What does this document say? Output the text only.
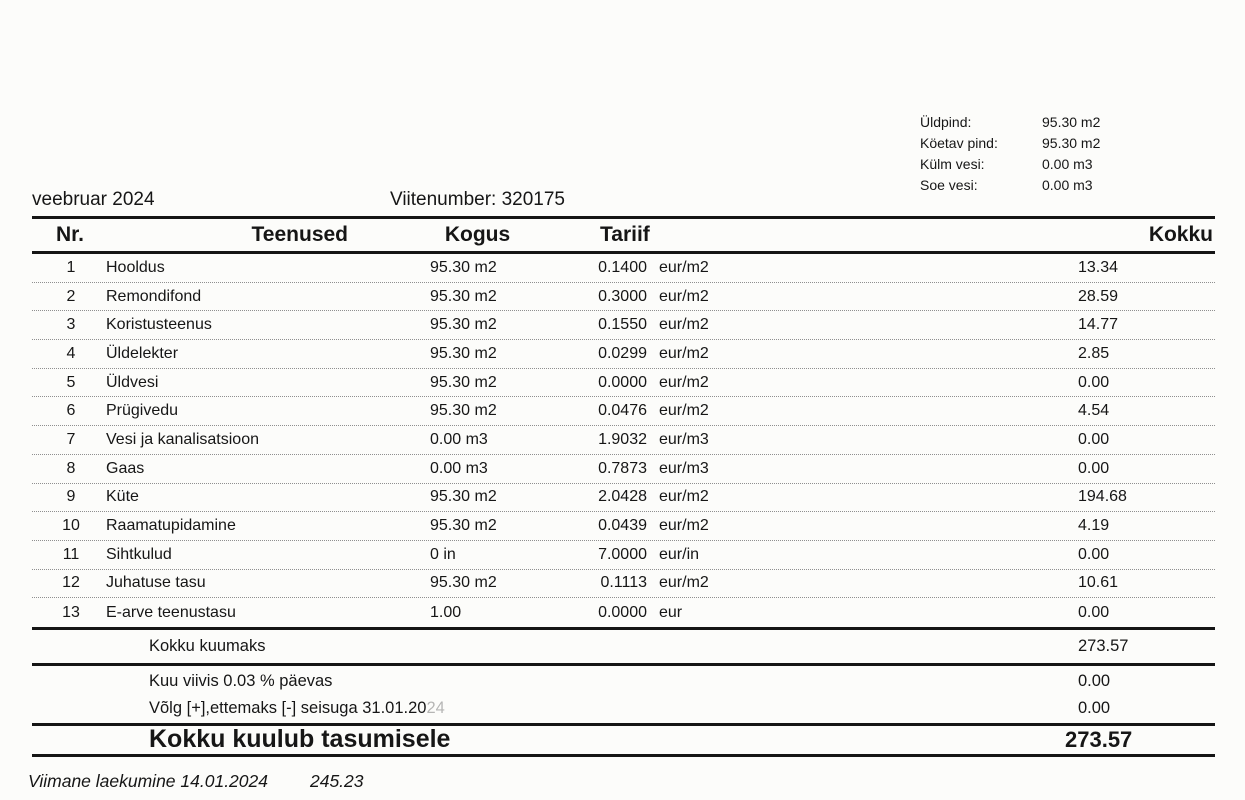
Üldpind:	95.30 m2
Köetav pind:	95.30 m2
Külm vesi:	0.00 m3
Soe vesi:	0.00 m3
veebruar 2024	Viitenumber: 320175
Nr.	Teenused	Kogus	Tariif	Kokku
1	Hooldus	95.30 m2	0.1400 eur/m2	13.34
2	Remondifond	95.30 m2	0.3000 eur/m2	28.59
3	Koristusteenus	95.30 m2	0.1550 eur/m2	14.77
4	Üldelekter	95.30 m2	0.0299 eur/m2	2.85
5	Üldvesi	95.30 m2	0.0000 eur/m2	0.00
6	Prügivedu	95.30 m2	0.0476 eur/m2	4.54
7	Vesi ja kanalisatsioon	0.00 m3	1.9032 eur/m3	0.00
8	Gaas	0.00 m3	0.7873 eur/m3	0.00
9	Küte	95.30 m2	2.0428 eur/m2	194.68
10	Raamatupidamine	95.30 m2	0.0439 eur/m2	4.19
11	Sihtkulud	0 in	7.0000 eur/in	0.00
12	Juhatuse tasu	95.30 m2	0.1113 eur/m2	10.61
13	E-arve teenustasu	1.00	0.0000 eur	0.00
Kokku kuumaks	273.57
Kuu viivis 0.03 % päevas	0.00
Võlg [+],ettemaks [-] seisuga 31.01.2024	0.00
Kokku kuulub tasumisele	273.57
Viimane laekumine 14.01.2024 245.23
